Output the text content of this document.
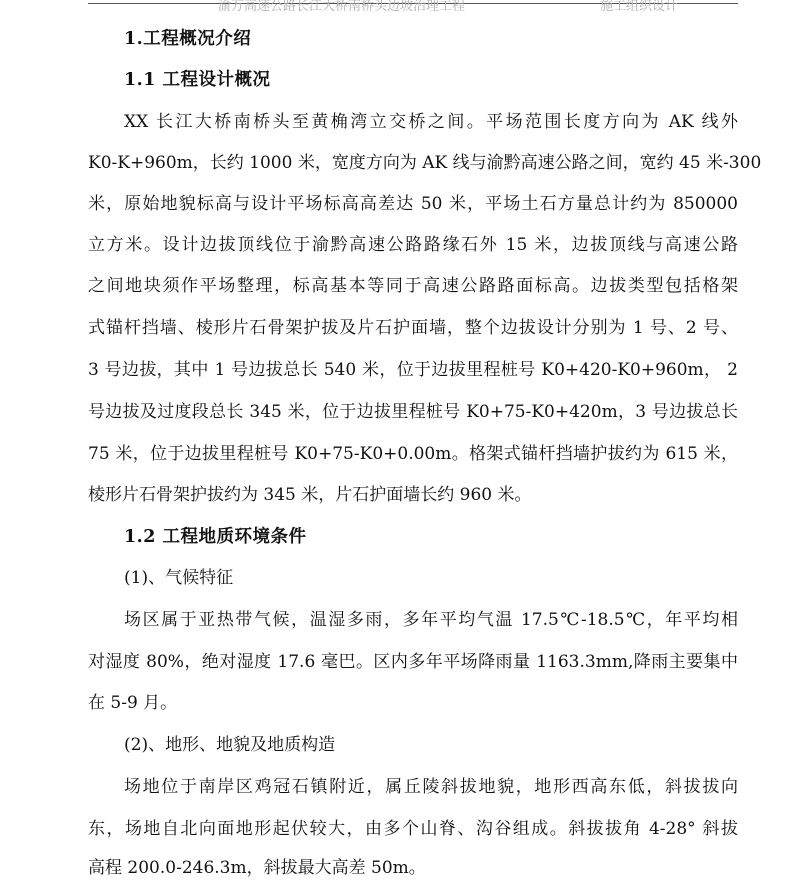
渝万高速公路长江大桥南桥头边坡治理工程	施工组织设计
1.工程概况介绍
1.1 工程设计概况
XX 长江大桥南桥头至黄桷湾立交桥之间。平场范围长度方向为 AK 线外
K0-K+960m，长约 1000 米，宽度方向为 AK 线与渝黔高速公路之间，宽约 45 米-300
米，原始地貌标高与设计平场标高高差达 50 米，平场土石方量总计约为 850000
立方米。设计边拔顶线位于渝黔高速公路路缘石外 15 米，边拔顶线与高速公路
之间地块须作平场整理，标高基本等同于高速公路路面标高。边拔类型包括格架
式锚杆挡墙、棱形片石骨架护拔及片石护面墙，整个边拔设计分别为 1 号、2 号、
3 号边拔，其中 1 号边拔总长 540 米，位于边拔里程桩号 K0+420-K0+960m， 2
号边拔及过度段总长 345 米，位于边拔里程桩号 K0+75-K0+420m，3 号边拔总长
75 米，位于边拔里程桩号 K0+75-K0+0.00m。格架式锚杆挡墙护拔约为 615 米，
棱形片石骨架护拔约为 345 米，片石护面墙长约 960 米。
1.2 工程地质环境条件
(1)、气候特征
场区属于亚热带气候，温湿多雨，多年平均气温 17.5℃-18.5℃，年平均相
对湿度 80%，绝对湿度 17.6 毫巴。区内多年平场降雨量 1163.3mm,降雨主要集中
在 5-9 月。
(2)、地形、地貌及地质构造
场地位于南岸区鸡冠石镇附近，属丘陵斜拔地貌，地形西高东低，斜拔拔向
东，场地自北向面地形起伏较大，由多个山脊、沟谷组成。斜拔拔角 4-28° 斜拔
高程 200.0-246.3m，斜拔最大高差 50m。
